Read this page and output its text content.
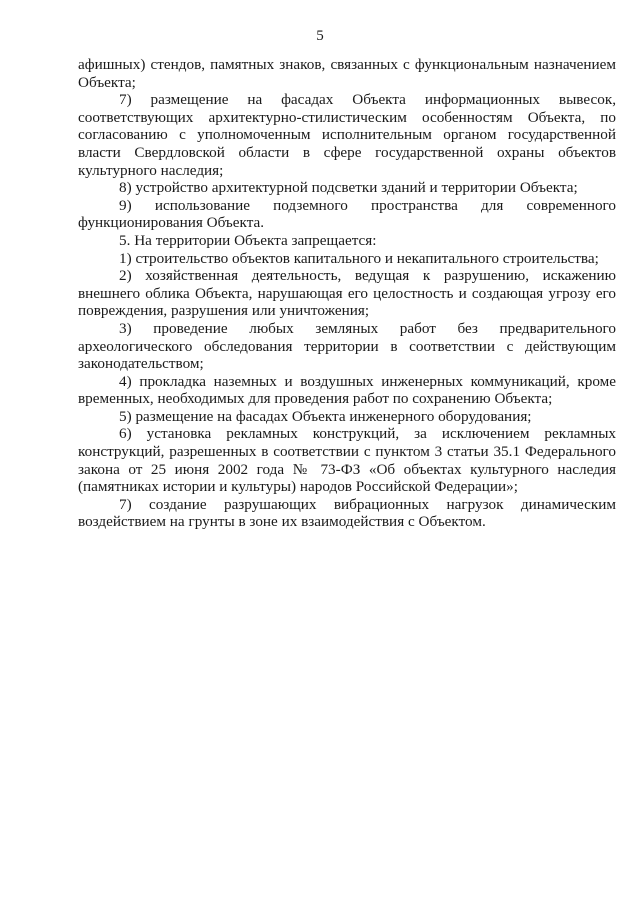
5

афишных) стендов, памятных знаков, связанных с функциональным назначением Объекта;

7) размещение на фасадах Объекта информационных вывесок, соответствующих архитектурно-стилистическим особенностям Объекта, по согласованию с уполномоченным исполнительным органом государственной власти Свердловской области в сфере государственной охраны объектов культурного наследия;

8) устройство архитектурной подсветки зданий и территории Объекта;

9) использование подземного пространства для современного функционирования Объекта.

5. На территории Объекта запрещается:

1) строительство объектов капитального и некапитального строительства;

2) хозяйственная деятельность, ведущая к разрушению, искажению внешнего облика Объекта, нарушающая его целостность и создающая угрозу его повреждения, разрушения или уничтожения;

3) проведение любых земляных работ без предварительного археологического обследования территории в соответствии с действующим законодательством;

4) прокладка наземных и воздушных инженерных коммуникаций, кроме временных, необходимых для проведения работ по сохранению Объекта;

5) размещение на фасадах Объекта инженерного оборудования;

6) установка рекламных конструкций, за исключением рекламных конструкций, разрешенных в соответствии с пунктом 3 статьи 35.1 Федерального закона от 25 июня 2002 года № 73-ФЗ «Об объектах культурного наследия (памятниках истории и культуры) народов Российской Федерации»;

7) создание разрушающих вибрационных нагрузок динамическим воздействием на грунты в зоне их взаимодействия с Объектом.
